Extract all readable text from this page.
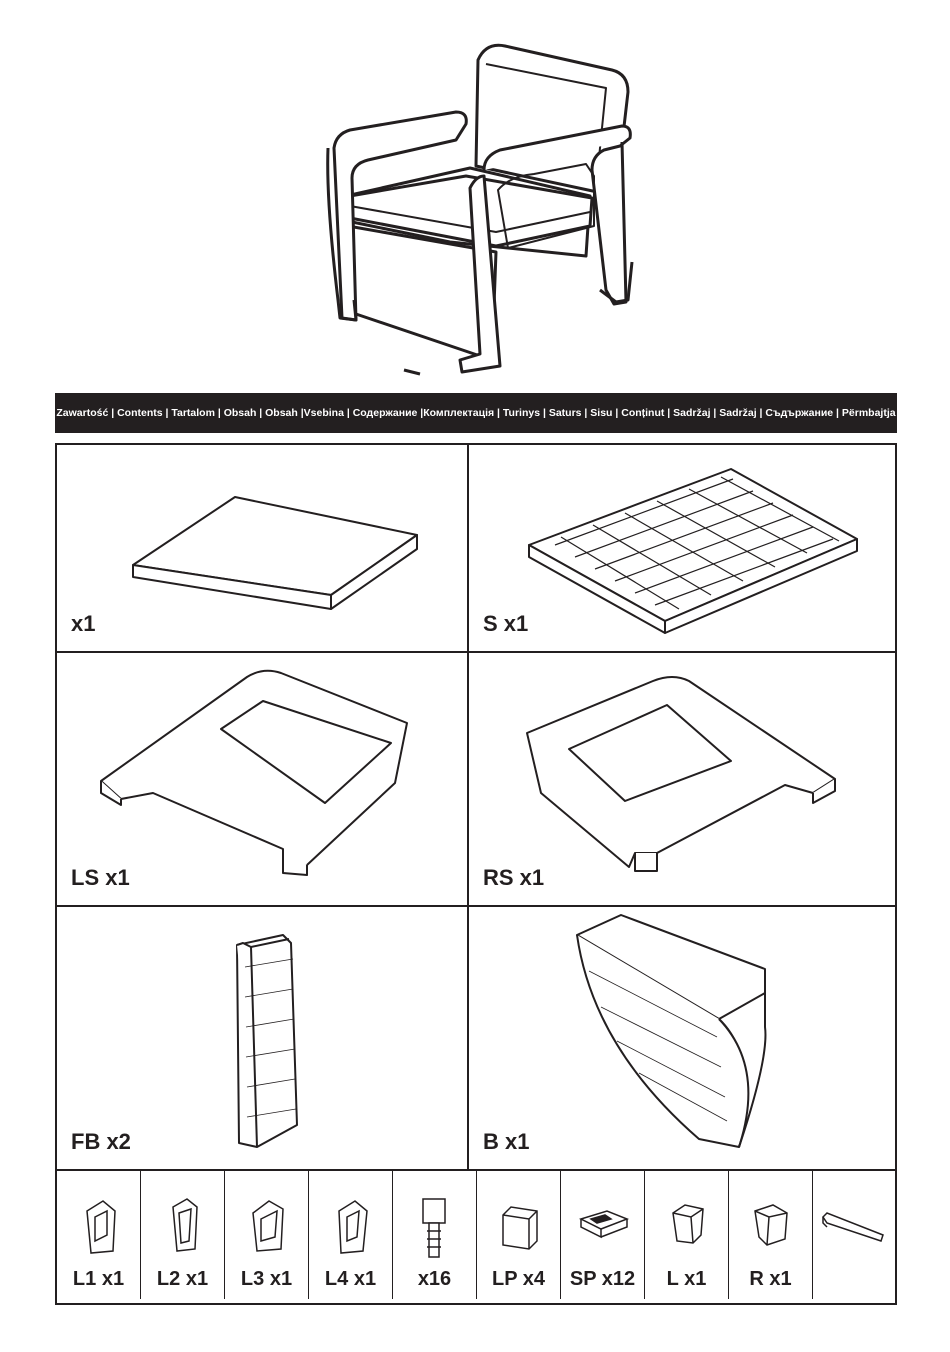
Zawartość | Contents | Tartalom | Obsah | Obsah |Vsebina | Содержание |Комплектація | Turinys | Saturs | Sisu | Conținut | Sadržaj | Sadržaj | Съдържание | Përmbajtja
x1	S x1
LS x1	RS x1
FB x2	B x1
L1 x1	L2 x1	L3 x1	L4 x1	x16	LP x4	SP x12	L x1	R x1
